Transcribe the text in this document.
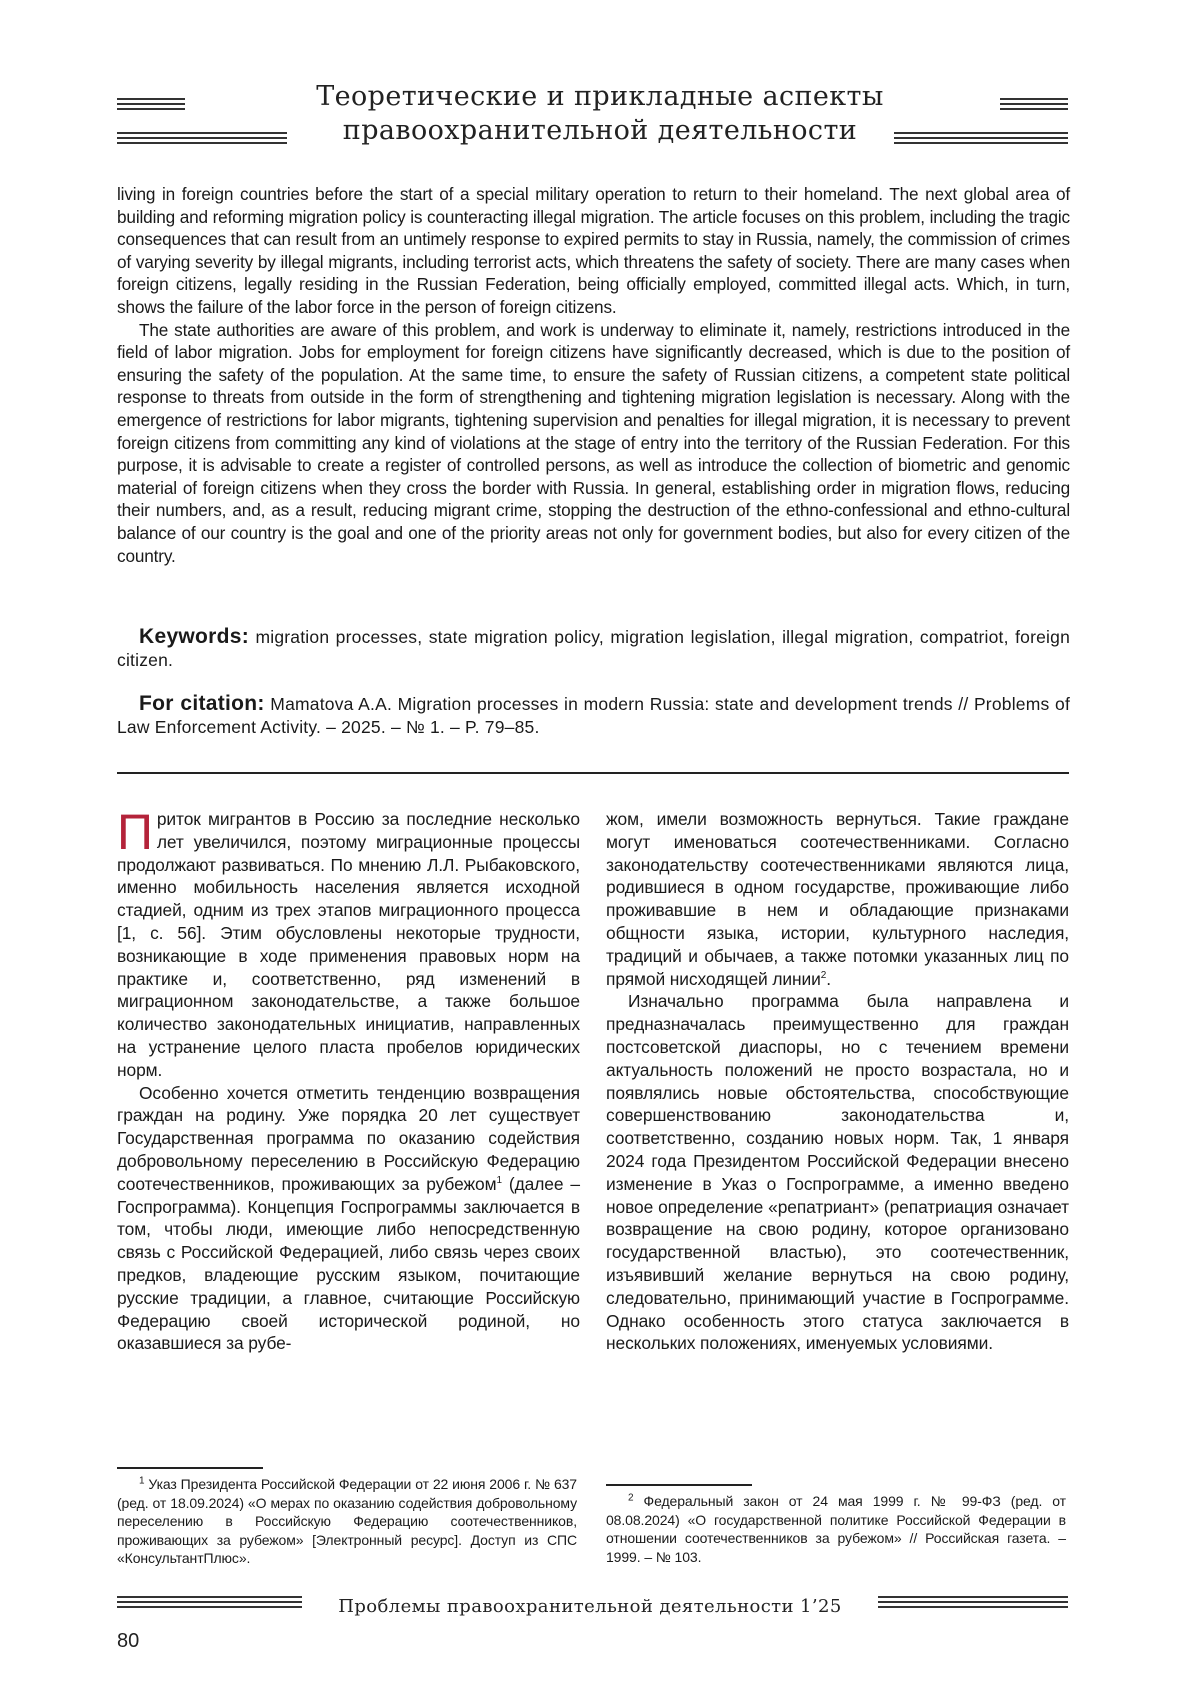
Теоретические и прикладные аспекты
правоохранительной деятельности

living in foreign countries before the start of a special military operation to return to their homeland. The next global area of building and reforming migration policy is counteracting illegal migration. The article focuses on this problem, including the tragic consequences that can result from an untimely response to expired permits to stay in Russia, namely, the commission of crimes of varying severity by illegal migrants, including terrorist acts, which threatens the safety of society. There are many cases when foreign citizens, legally residing in the Russian Federation, being officially employed, committed illegal acts. Which, in turn, shows the failure of the labor force in the person of foreign citizens.

The state authorities are aware of this problem, and work is underway to eliminate it, namely, restrictions introduced in the field of labor migration. Jobs for employment for foreign citizens have significantly decreased, which is due to the position of ensuring the safety of the population. At the same time, to ensure the safety of Russian citizens, a competent state political response to threats from outside in the form of strengthening and tightening migration legislation is necessary. Along with the emergence of restrictions for labor migrants, tightening supervision and penalties for illegal migration, it is necessary to prevent foreign citizens from committing any kind of violations at the stage of entry into the territory of the Russian Federation. For this purpose, it is advisable to create a register of controlled persons, as well as introduce the collection of biometric and genomic material of foreign citizens when they cross the border with Russia. In general, establishing order in migration flows, reducing their numbers, and, as a result, reducing migrant crime, stopping the destruction of the ethno-confessional and ethno-cultural balance of our country is the goal and one of the priority areas not only for government bodies, but also for every citizen of the country.

Keywords: migration processes, state migration policy, migration legislation, illegal migration, compatriot, foreign citizen.
For citation: Mamatova A.A. Migration processes in modern Russia: state and development trends // Problems of Law Enforcement Activity. – 2025. – № 1. – P. 79–85.

Приток мигрантов в Россию за последние несколько лет увеличился, поэтому миграционные процессы продолжают развиваться. По мнению Л.Л. Рыбаковского, именно мобильность населения является исходной стадией, одним из трех этапов миграционного процесса [1, с. 56]. Этим обусловлены некоторые трудности, возникающие в ходе применения правовых норм на практике и, соответственно, ряд изменений в миграционном законодательстве, а также большое количество законодательных инициатив, направленных на устранение целого пласта пробелов юридических норм.

Особенно хочется отметить тенденцию возвращения граждан на родину. Уже порядка 20 лет существует Государственная программа по оказанию содействия добровольному переселению в Российскую Федерацию соотечественников, проживающих за рубежом$^1$ (далее – Госпрограмма). Концепция Госпрограммы заключается в том, чтобы люди, имеющие либо непосредственную связь с Российской Федерацией, либо связь через своих предков, владеющие русским языком, почитающие русские традиции, а главное, считающие Российскую Федерацию своей исторической родиной, но оказавшиеся за рубе-

жом, имели возможность вернуться. Такие граждане могут именоваться соотечественниками. Согласно законодательству соотечественниками являются лица, родившиеся в одном государстве, проживающие либо проживавшие в нем и обладающие признаками общности языка, истории, культурного наследия, традиций и обычаев, а также потомки указанных лиц по прямой нисходящей линии$^2$.

Изначально программа была направлена и предназначалась преимущественно для граждан постсоветской диаспоры, но с течением времени актуальность положений не просто возрастала, но и появлялись новые обстоятельства, способствующие совершенствованию законодательства и, соответственно, созданию новых норм. Так, 1 января 2024 года Президентом Российской Федерации внесено изменение в Указ о Госпрограмме, а именно введено новое определение «репатриант» (репатриация означает возвращение на свою родину, которое организовано государственной властью), это соотечественник, изъявивший желание вернуться на свою родину, следовательно, принимающий участие в Госпрограмме. Однако особенность этого статуса заключается в нескольких положениях, именуемых условиями.

$^1$ Указ Президента Российской Федерации от 22 июня 2006 г. № 637 (ред. от 18.09.2024) «О мерах по оказанию содействия добровольному переселению в Российскую Федерацию соотечественников, проживающих за рубежом» [Электронный ресурс]. Доступ из СПС «КонсультантПлюс».

$^2$ Федеральный закон от 24 мая 1999 г. № 99-ФЗ (ред. от 08.08.2024) «О государственной политике Российской Федерации в отношении соотечественников за рубежом» // Российская газета. – 1999. – № 103.

Проблемы правоохранительной деятельности 1’25
80
